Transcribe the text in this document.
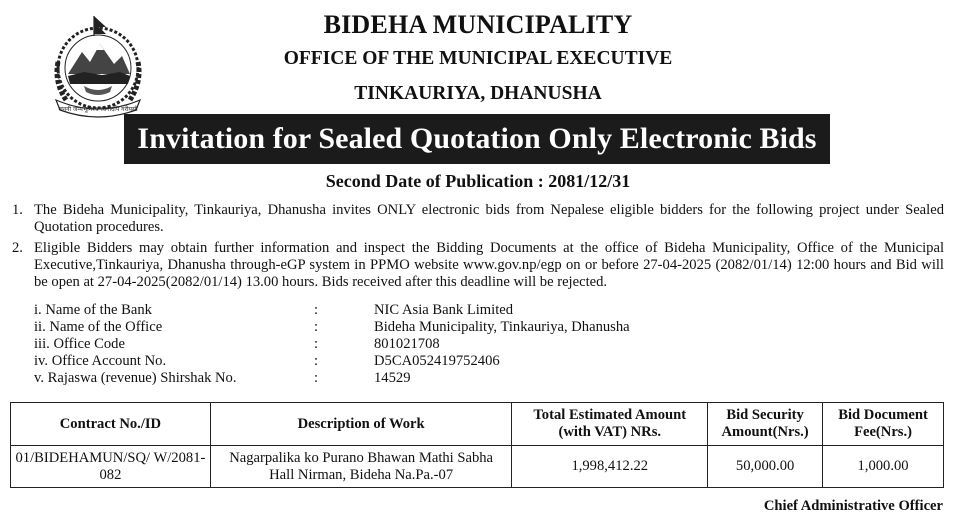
जननी जन्मभूमिश्च स्वर्गादपि गरीयसी
BIDEHA MUNICIPALITY
OFFICE OF THE MUNICIPAL EXECUTIVE
TINKAURIYA, DHANUSHA
Invitation for Sealed Quotation Only Electronic Bids
Second Date of Publication : 2081/12/31
1. The Bideha Municipality, Tinkauriya, Dhanusha invites ONLY electronic bids from Nepalese eligible bidders for the following project under Sealed Quotation procedures.
2. Eligible Bidders may obtain further information and inspect the Bidding Documents at the office of Bideha Municipality, Office of the Municipal Executive,Tinkauriya, Dhanusha through-eGP system in PPMO website www.gov.np/egp on or before 27-04-2025 (2082/01/14) 12:00 hours and Bid will be open at 27-04-2025(2082/01/14) 13.00 hours. Bids received after this deadline will be rejected.
i. Name of the Bank	:	NIC Asia Bank Limited
ii. Name of the Office	:	Bideha Municipality, Tinkauriya, Dhanusha
iii. Office Code	:	801021708
iv. Office Account No.	:	D5CA052419752406
v. Rajaswa (revenue) Shirshak No.	:	14529
Contract No./ID	Description of Work	Total Estimated Amount (with VAT) NRs.	Bid Security Amount(Nrs.)	Bid Document Fee(Nrs.)
01/BIDEHAMUN/SQ/ W/2081-082	Nagarpalika ko Purano Bhawan Mathi Sabha Hall Nirman, Bideha Na.Pa.-07	1,998,412.22	50,000.00	1,000.00
Chief Administrative Officer
